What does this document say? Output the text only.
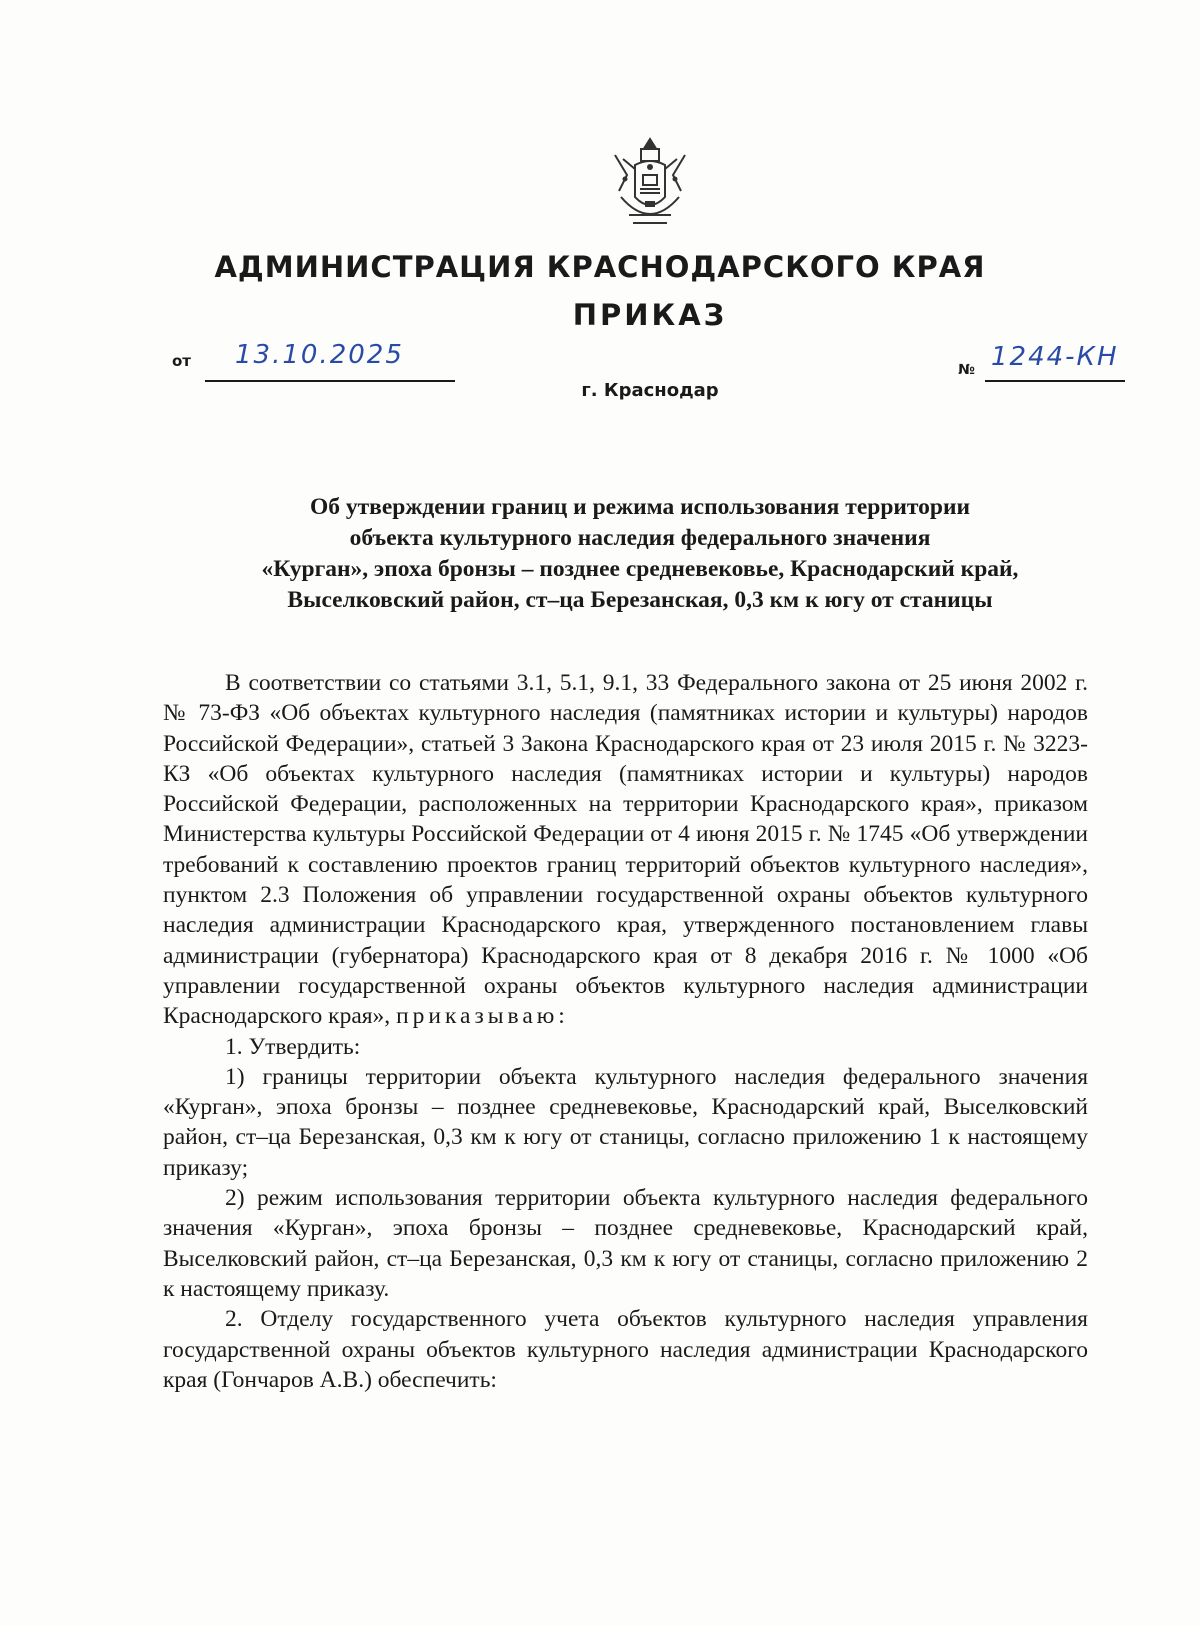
АДМИНИСТРАЦИЯ КРАСНОДАРСКОГО КРАЯ
ПРИКАЗ
от 13.10.2025	№ 1244-КН
г. Краснодар
Об утверждении границ и режима использования территории
объекта культурного наследия федерального значения
«Курган», эпоха бронзы – позднее средневековье, Краснодарский край,
Выселковский район, ст–ца Березанская, 0,3 км к югу от станицы

В соответствии со статьями 3.1, 5.1, 9.1, 33 Федерального закона от 25 июня 2002 г. № 73-ФЗ «Об объектах культурного наследия (памятниках истории и культуры) народов Российской Федерации», статьей 3 Закона Краснодарского края от 23 июля 2015 г. № 3223-КЗ «Об объектах культурного наследия (памятниках истории и культуры) народов Российской Федерации, расположенных на территории Краснодарского края», приказом Министерства культуры Российской Федерации от 4 июня 2015 г. № 1745 «Об утверждении требований к составлению проектов границ территорий объектов культурного наследия», пунктом 2.3 Положения об управлении государственной охраны объектов культурного наследия администрации Краснодарского края, утвержденного постановлением главы администрации (губернатора) Краснодарского края от 8 декабря 2016 г. № 1000 «Об управлении государственной охраны объектов культурного наследия администрации Краснодарского края», приказываю:

1. Утвердить:

1) границы территории объекта культурного наследия федерального значения «Курган», эпоха бронзы – позднее средневековье, Краснодарский край, Выселковский район, ст–ца Березанская, 0,3 км к югу от станицы, согласно приложению 1 к настоящему приказу;

2) режим использования территории объекта культурного наследия федерального значения «Курган», эпоха бронзы – позднее средневековье, Краснодарский край, Выселковский район, ст–ца Березанская, 0,3 км к югу от станицы, согласно приложению 2 к настоящему приказу.

2. Отделу государственного учета объектов культурного наследия управления государственной охраны объектов культурного наследия администрации Краснодарского края (Гончаров А.В.) обеспечить:
